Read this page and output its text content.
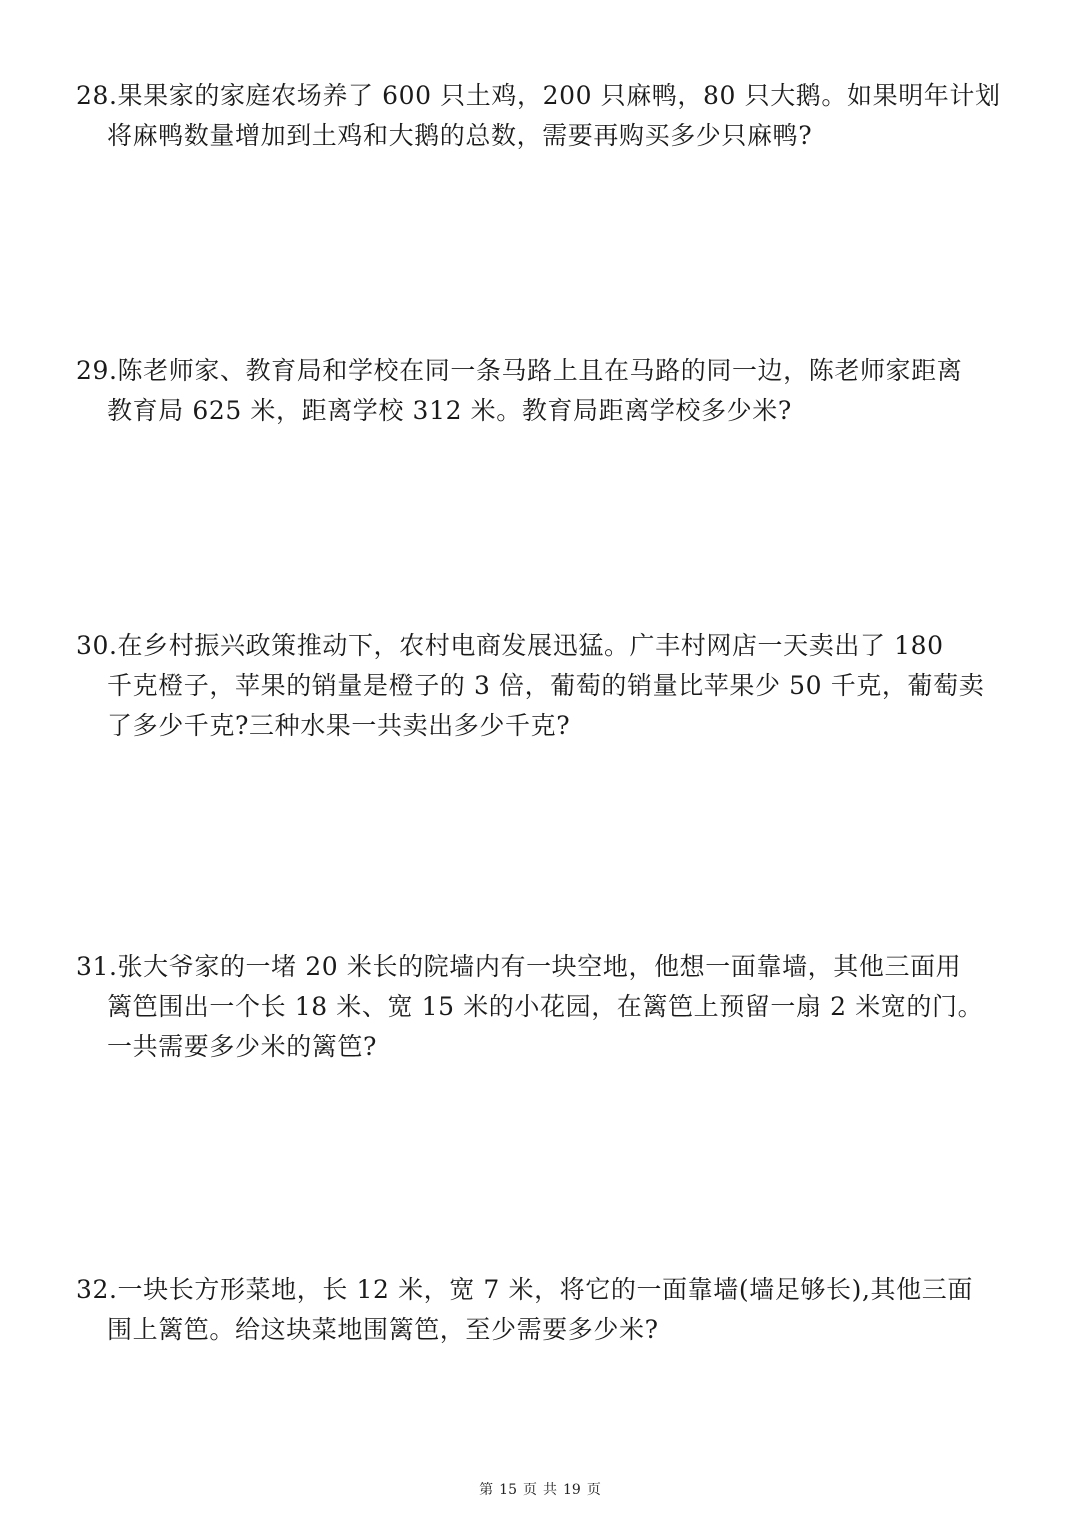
28.果果家的家庭农场养了 600 只土鸡，200 只麻鸭，80 只大鹅。如果明年计划
将麻鸭数量增加到土鸡和大鹅的总数，需要再购买多少只麻鸭?
29.陈老师家、教育局和学校在同一条马路上且在马路的同一边，陈老师家距离
教育局 625 米，距离学校 312 米。教育局距离学校多少米?
30.在乡村振兴政策推动下，农村电商发展迅猛。广丰村网店一天卖出了 180
千克橙子，苹果的销量是橙子的 3 倍，葡萄的销量比苹果少 50 千克，葡萄卖
了多少千克?三种水果一共卖出多少千克?
31.张大爷家的一堵 20 米长的院墙内有一块空地，他想一面靠墙，其他三面用
篱笆围出一个长 18 米、宽 15 米的小花园，在篱笆上预留一扇 2 米宽的门。
一共需要多少米的篱笆?
32.一块长方形菜地，长 12 米，宽 7 米，将它的一面靠墙(墙足够长),其他三面
围上篱笆。给这块菜地围篱笆，至少需要多少米?
第 15 页 共 19 页
